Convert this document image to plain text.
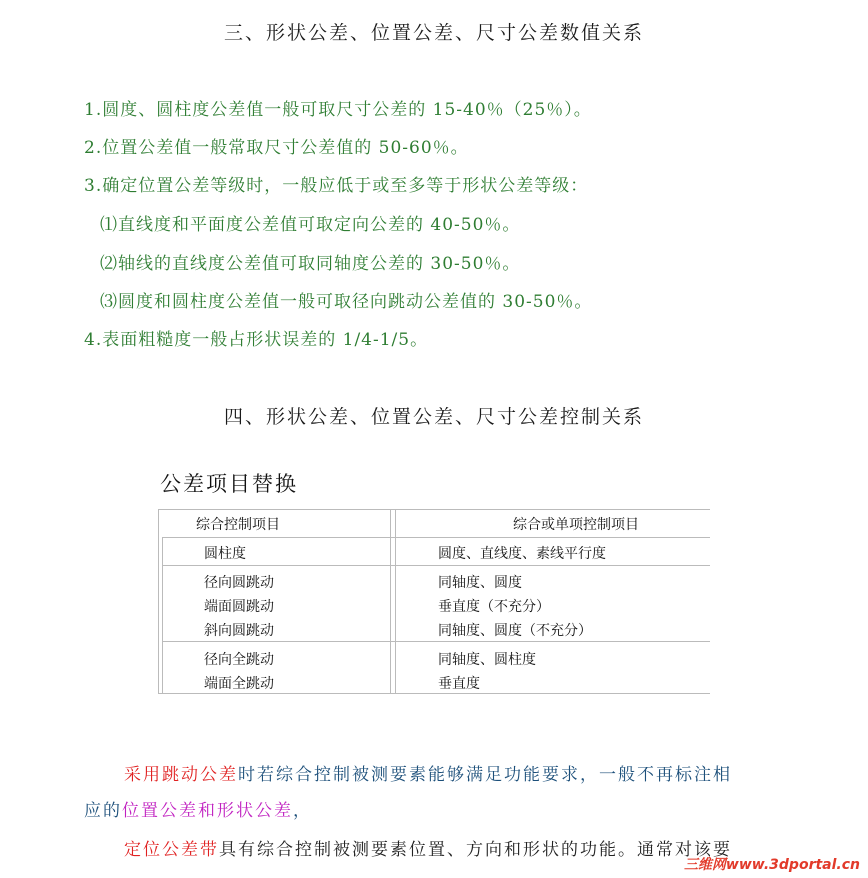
三、形状公差、位置公差、尺寸公差数值关系
1.圆度、圆柱度公差值一般可取尺寸公差的 15-40％（25％）。
2.位置公差值一般常取尺寸公差值的 50-60％。
3.确定位置公差等级时，一般应低于或至多等于形状公差等级：
⑴直线度和平面度公差值可取定向公差的 40-50％。
⑵轴线的直线度公差值可取同轴度公差的 30-50％。
⑶圆度和圆柱度公差值一般可取径向跳动公差值的 30-50％。
4.表面粗糙度一般占形状误差的 1/4-1/5。
四、形状公差、位置公差、尺寸公差控制关系
公差项目替换
综合控制项目	综合或单项控制项目
圆柱度	圆度、直线度、素线平行度
径向圆跳动	同轴度、圆度
端面圆跳动	垂直度（不充分）
斜向圆跳动	同轴度、圆度（不充分）
径向全跳动	同轴度、圆柱度
端面全跳动	垂直度
采用跳动公差时若综合控制被测要素能够满足功能要求，一般不再标注相
应的位置公差和形状公差，
定位公差带具有综合控制被测要素位置、方向和形状的功能。通常对该要
三维网www.3dportal.cn
